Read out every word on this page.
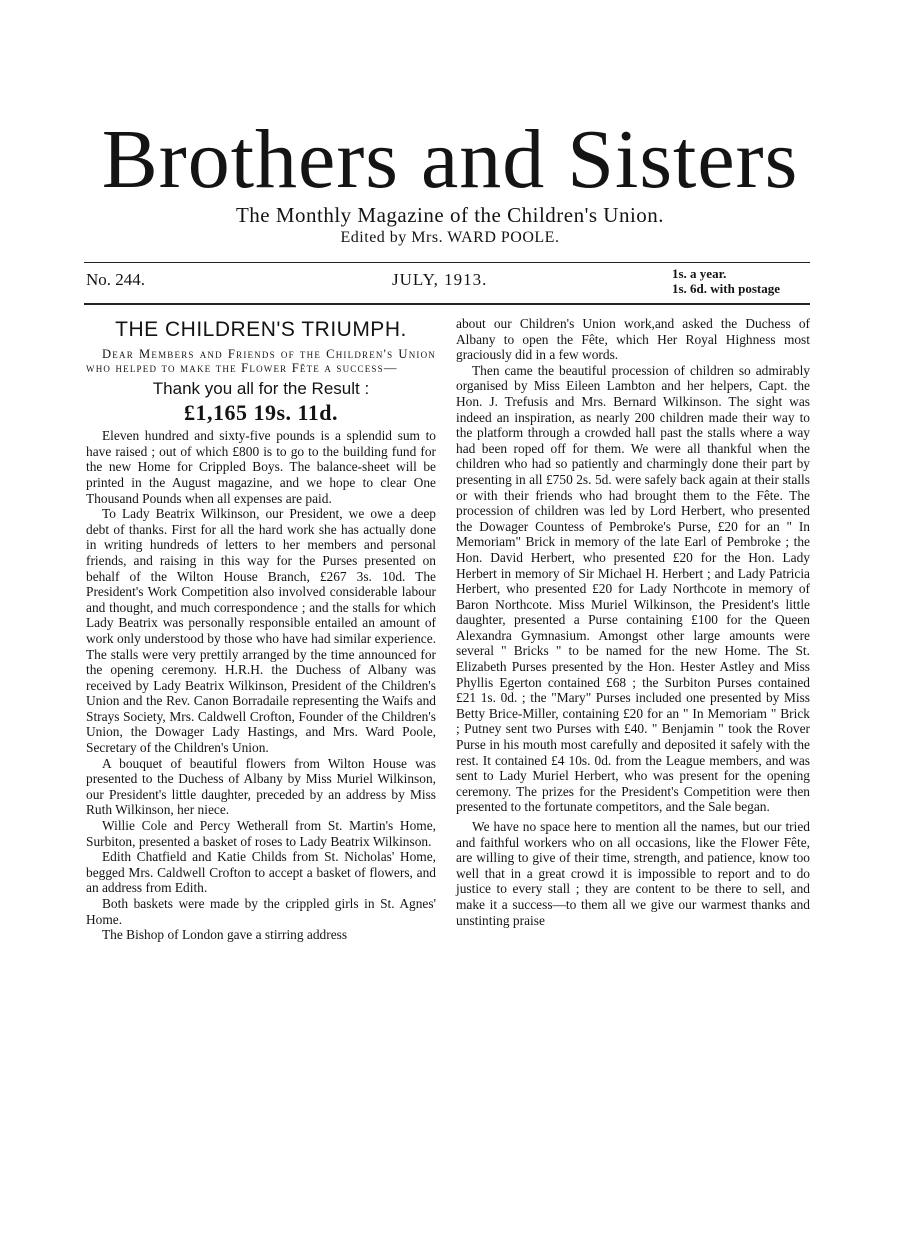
Brothers and Sisters
The Monthly Magazine of the Children's Union.
Edited by Mrs. WARD POOLE.
No. 244.	JULY, 1913.	1s. a year.
1s. 6d. with postage
THE CHILDREN'S TRIUMPH.
Dear Members and Friends of the Children's Union who helped to make the Flower Fête a success—
Thank you all for the Result :
£1,165 19s. 11d.

Eleven hundred and sixty-five pounds is a splendid sum to have raised ; out of which £800 is to go to the building fund for the new Home for Crippled Boys. The balance-sheet will be printed in the August magazine, and we hope to clear One Thousand Pounds when all expenses are paid.

To Lady Beatrix Wilkinson, our President, we owe a deep debt of thanks. First for all the hard work she has actually done in writing hundreds of letters to her members and personal friends, and raising in this way for the Purses presented on behalf of the Wilton House Branch, £267 3s. 10d. The President's Work Competition also involved considerable labour and thought, and much correspondence ; and the stalls for which Lady Beatrix was personally responsible entailed an amount of work only understood by those who have had similar experience. The stalls were very prettily arranged by the time announced for the opening ceremony. H.R.H. the Duchess of Albany was received by Lady Beatrix Wilkinson, President of the Children's Union and the Rev. Canon Borradaile representing the Waifs and Strays Society, Mrs. Caldwell Crofton, Founder of the Children's Union, the Dowager Lady Hastings, and Mrs. Ward Poole, Secretary of the Children's Union.

A bouquet of beautiful flowers from Wilton House was presented to the Duchess of Albany by Miss Muriel Wilkinson, our President's little daughter, preceded by an address by Miss Ruth Wilkinson, her niece.

Willie Cole and Percy Wetherall from St. Martin's Home, Surbiton, presented a basket of roses to Lady Beatrix Wilkinson.

Edith Chatfield and Katie Childs from St. Nicholas' Home, begged Mrs. Caldwell Crofton to accept a basket of flowers, and an address from Edith.

Both baskets were made by the crippled girls in St. Agnes' Home.

The Bishop of London gave a stirring address

about our Children's Union work,and asked the Duchess of Albany to open the Fête, which Her Royal Highness most graciously did in a few words.

Then came the beautiful procession of children so admirably organised by Miss Eileen Lambton and her helpers, Capt. the Hon. J. Trefusis and Mrs. Bernard Wilkinson. The sight was indeed an inspiration, as nearly 200 children made their way to the platform through a crowded hall past the stalls where a way had been roped off for them. We were all thankful when the children who had so patiently and charmingly done their part by presenting in all £750 2s. 5d. were safely back again at their stalls or with their friends who had brought them to the Fête. The procession of children was led by Lord Herbert, who presented the Dowager Countess of Pembroke's Purse, £20 for an " In Memoriam" Brick in memory of the late Earl of Pembroke ; the Hon. David Herbert, who presented £20 for the Hon. Lady Herbert in memory of Sir Michael H. Herbert ; and Lady Patricia Herbert, who presented £20 for Lady Northcote in memory of Baron Northcote. Miss Muriel Wilkinson, the President's little daughter, presented a Purse containing £100 for the Queen Alexandra Gymnasium. Amongst other large amounts were several " Bricks " to be named for the new Home. The St. Elizabeth Purses presented by the Hon. Hester Astley and Miss Phyllis Egerton contained £68 ; the Surbiton Purses contained £21 1s. 0d. ; the "Mary" Purses included one presented by Miss Betty Brice-Miller, containing £20 for an " In Memoriam " Brick ; Putney sent two Purses with £40. " Benjamin " took the Rover Purse in his mouth most carefully and deposited it safely with the rest. It contained £4 10s. 0d. from the League members, and was sent to Lady Muriel Herbert, who was present for the opening ceremony. The prizes for the President's Competition were then presented to the fortunate competitors, and the Sale began.

We have no space here to mention all the names, but our tried and faithful workers who on all occasions, like the Flower Fête, are willing to give of their time, strength, and patience, know too well that in a great crowd it is impossible to report and to do justice to every stall ; they are content to be there to sell, and make it a success—to them all we give our warmest thanks and unstinting praise
